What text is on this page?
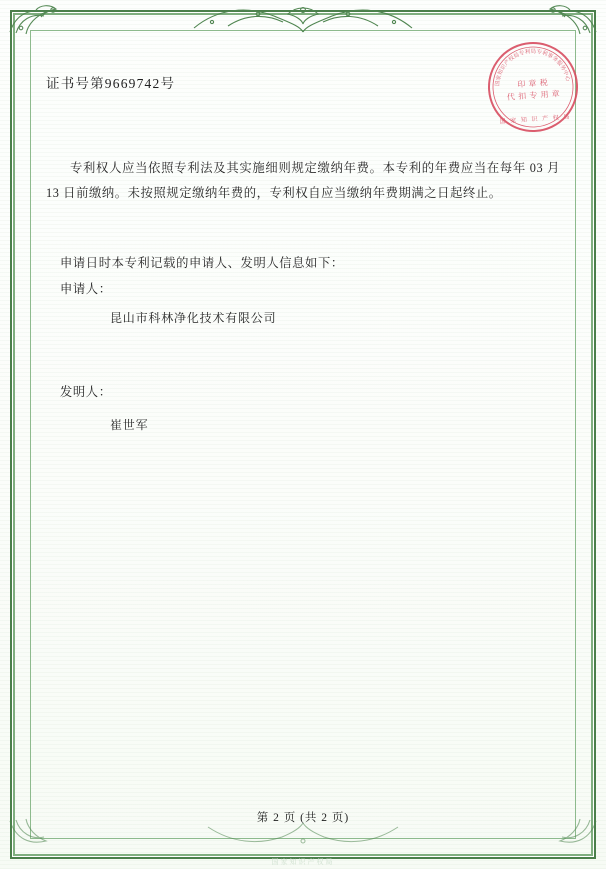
国家知识产权局专利局专利事务服务中心
印 章 税
代 扣 专 用 章
国 家 知 识 产 权 局
证书号第9669742号
专利权人应当依照专利法及其实施细则规定缴纳年费。本专利的年费应当在每年 03 月 13 日前缴纳。未按照规定缴纳年费的，专利权自应当缴纳年费期满之日起终止。
申请日时本专利记载的申请人、发明人信息如下：
申请人：
昆山市科林净化技术有限公司
发明人：
崔世军
第 2 页 (共 2 页)
国家知识产权局
